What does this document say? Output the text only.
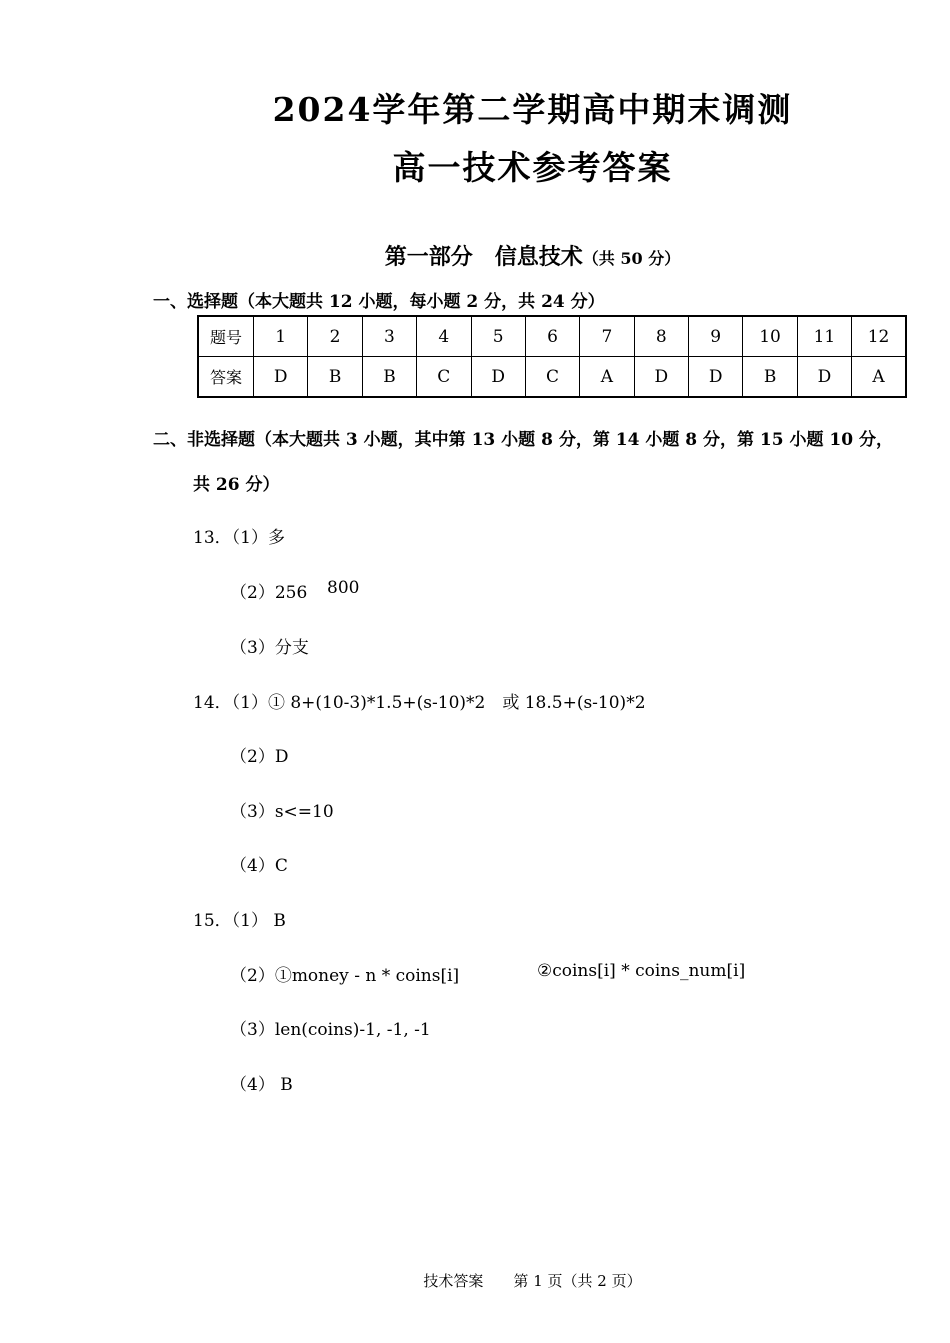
2024学年第二学期高中期末调测
高一技术参考答案
第一部分　信息技术（共 50 分）
一、选择题（本大题共 12 小题，每小题 2 分，共 24 分）
题号	1	2	3	4	5	6	7	8	9	10	11	12
答案	D	B	B	C	D	C	A	D	D	B	D	A
二、非选择题（本大题共 3 小题，其中第 13 小题 8 分，第 14 小题 8 分，第 15 小题 10 分，
共 26 分）
13．（1）多
（2）256 800
（3）分支
14．（1）① 8+(10-3)*1.5+(s-10)*2　或 18.5+(s-10)*2
（2）D
（3）s<=10
（4）C
15．（1） B
（2）①money - n * coins[i]	②coins[i] * coins_num[i]
（3）len(coins)-1, -1, -1
（4） B
技术答案 第 1 页（共 2 页）
